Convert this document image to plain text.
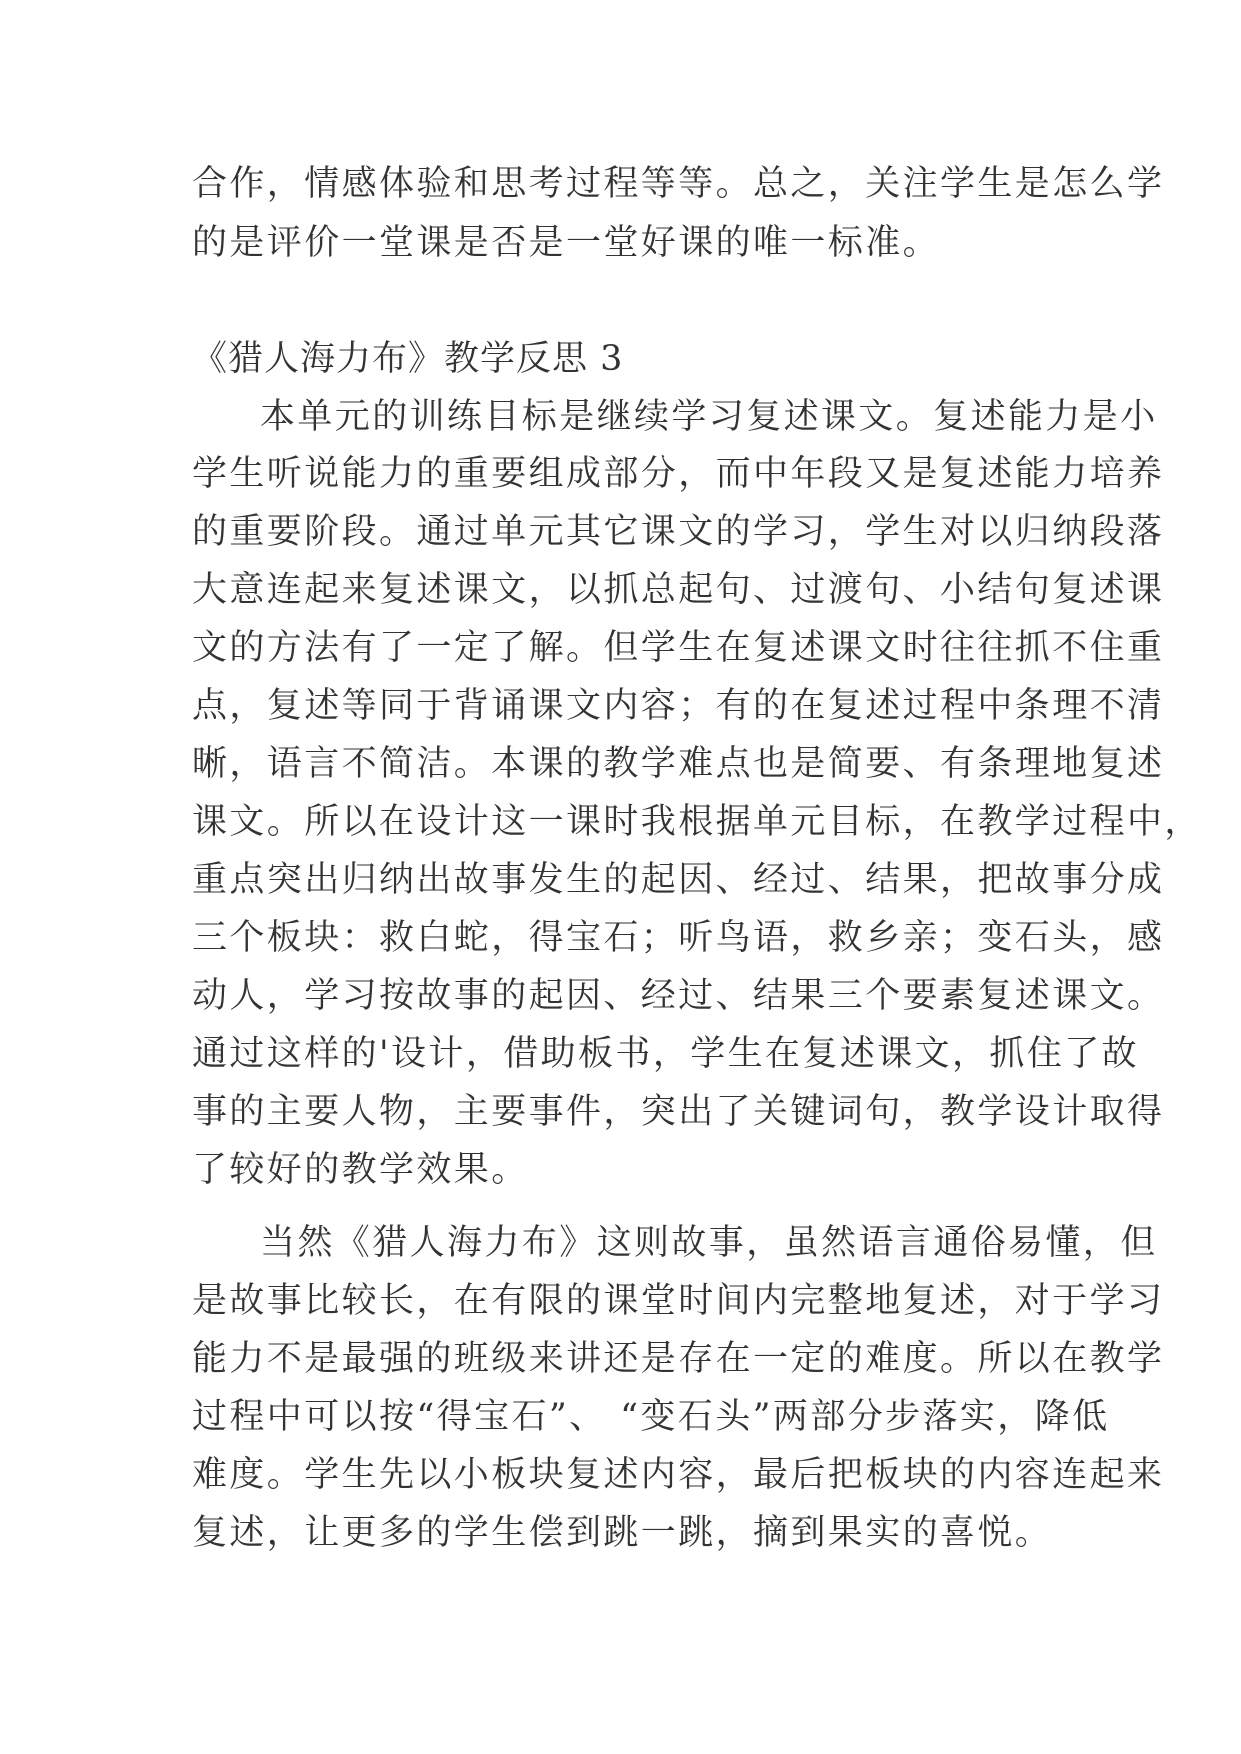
合作，情感体验和思考过程等等。总之，关注学生是怎么学
的是评价一堂课是否是一堂好课的唯一标准。
《猎人海力布》教学反思 3
本单元的训练目标是继续学习复述课文。复述能力是小
学生听说能力的重要组成部分，而中年段又是复述能力培养
的重要阶段。通过单元其它课文的学习，学生对以归纳段落
大意连起来复述课文，以抓总起句、过渡句、小结句复述课
文的方法有了一定了解。但学生在复述课文时往往抓不住重
点，复述等同于背诵课文内容；有的在复述过程中条理不清
晰，语言不简洁。本课的教学难点也是简要、有条理地复述
课文。所以在设计这一课时我根据单元目标，在教学过程中，
重点突出归纳出故事发生的起因、经过、结果，把故事分成
三个板块：救白蛇，得宝石；听鸟语，救乡亲；变石头，感
动人，学习按故事的起因、经过、结果三个要素复述课文。
通过这样的'设计，借助板书，学生在复述课文，抓住了故
事的主要人物，主要事件，突出了关键词句，教学设计取得
了较好的教学效果。
当然《猎人海力布》这则故事，虽然语言通俗易懂，但
是故事比较长，在有限的课堂时间内完整地复述，对于学习
能力不是最强的班级来讲还是存在一定的难度。所以在教学
过程中可以按“得宝石”、 “变石头”两部分步落实，降低
难度。学生先以小板块复述内容，最后把板块的内容连起来
复述，让更多的学生偿到跳一跳，摘到果实的喜悦。
